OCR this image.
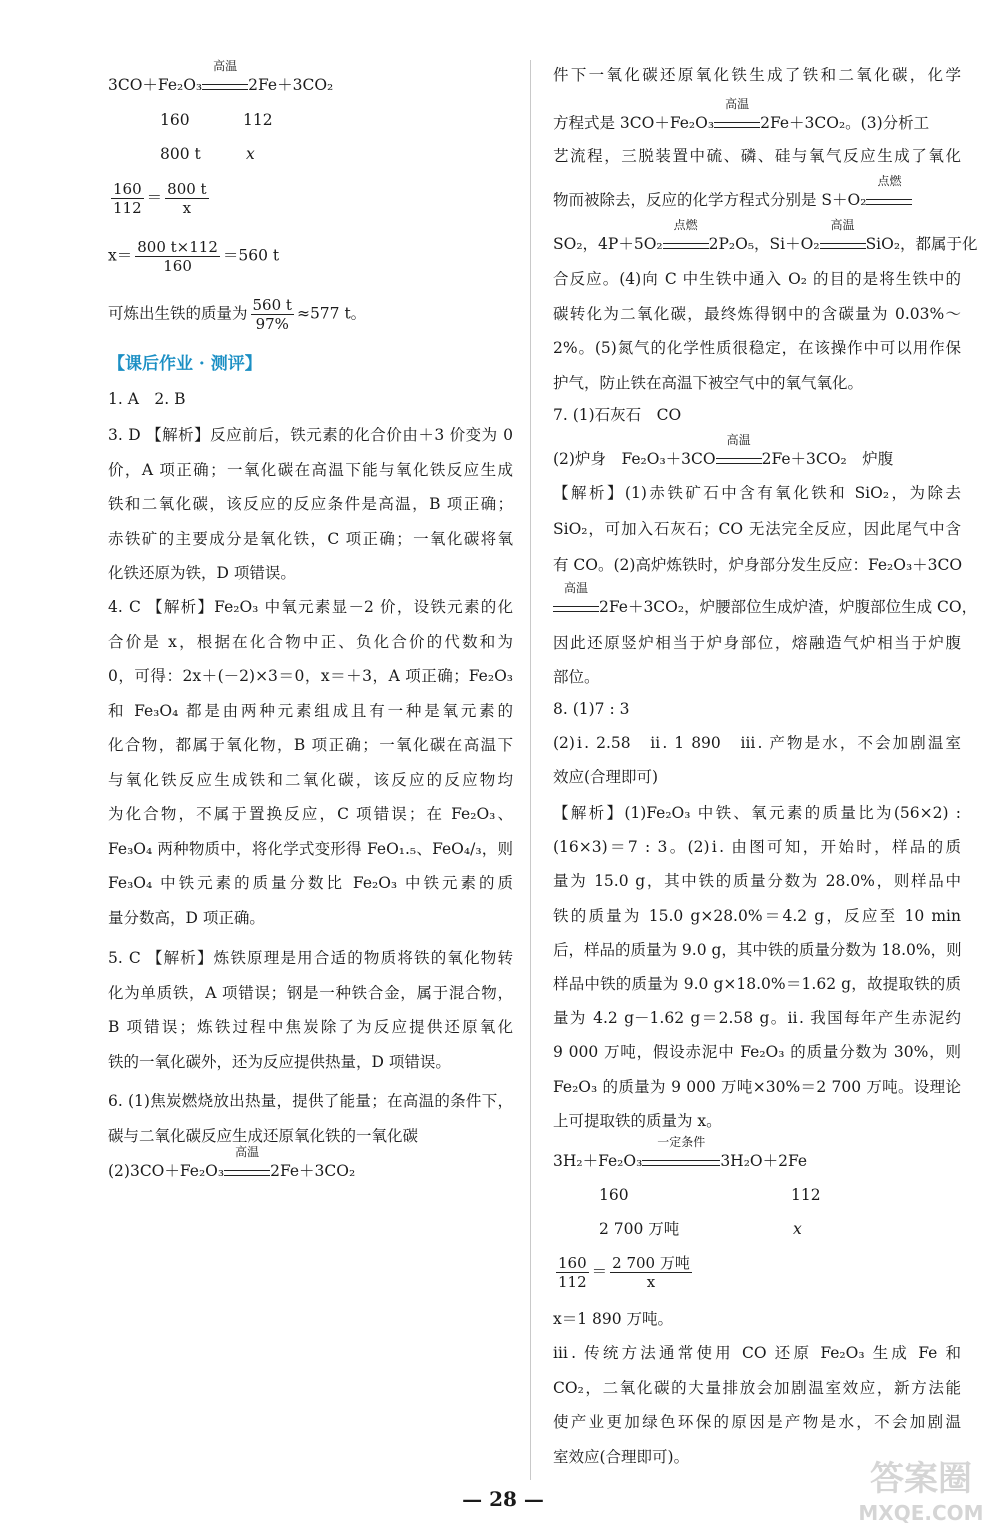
3CO＋Fe₂O₃
高温
2Fe＋3CO₂
160	112
800 t	x
$\frac{160}{112} = \frac{800 t}{x}$
$x= \frac{800 t\times 112}{160} =560$ t
可炼出生铁的质量为 $\frac{560 t}{97\%} \approx 577$ t。
【课后作业 · 测评】
1. A　2. B
3. D 【解析】反应前后，铁元素的化合价由＋3 价变为 0
价，A 项正确；一氧化碳在高温下能与氧化铁反应生成
铁和二氧化碳，该反应的反应条件是高温，B 项正确；
赤铁矿的主要成分是氧化铁，C 项正确；一氧化碳将氧
化铁还原为铁，D 项错误。
4. C 【解析】Fe₂O₃ 中氧元素显－2 价，设铁元素的化
合价是 x，根据在化合物中正、负化合价的代数和为
0，可得：2x＋(－2)×3＝0，x＝＋3，A 项正确；Fe₂O₃
和 Fe₃O₄ 都是由两种元素组成且有一种是氧元素的
化合物，都属于氧化物，B 项正确；一氧化碳在高温下
与氧化铁反应生成铁和二氧化碳，该反应的反应物均
为化合物，不属于置换反应，C 项错误；在 Fe₂O₃、
Fe₃O₄ 两种物质中，将化学式变形得 FeO₁.₅、FeO₄/₃，则
Fe₃O₄ 中铁元素的质量分数比 Fe₂O₃ 中铁元素的质
量分数高，D 项正确。
5. C 【解析】炼铁原理是用合适的物质将铁的氧化物转
化为单质铁，A 项错误；钢是一种铁合金，属于混合物，
B 项错误；炼铁过程中焦炭除了为反应提供还原氧化
铁的一氧化碳外，还为反应提供热量，D 项错误。
6. (1)焦炭燃烧放出热量，提供了能量；在高温的条件下，
碳与二氧化碳反应生成还原氧化铁的一氧化碳
(2)3CO＋Fe₂O₃
高温
2Fe＋3CO₂
件下一氧化碳还原氧化铁生成了铁和二氧化碳，化学
方程式是 3CO＋Fe₂O₃
高温
2Fe＋3CO₂。(3)分析工
艺流程，三脱装置中硫、磷、硅与氧气反应生成了氧化
物而被除去，反应的化学方程式分别是 S＋O₂
点燃
SO₂，4P＋5O₂
点燃
2P₂O₅，Si＋O₂
高温
SiO₂，都属于化
合反应。(4)向 C 中生铁中通入 O₂ 的目的是将生铁中的
碳转化为二氧化碳，最终炼得钢中的含碳量为 0.03%～
2%。(5)氮气的化学性质很稳定，在该操作中可以用作保
护气，防止铁在高温下被空气中的氧气氧化。
7. (1)石灰石　CO
(2)炉身　Fe₂O₃＋3CO
高温
2Fe＋3CO₂　炉腹
【解析】(1)赤铁矿石中含有氧化铁和 SiO₂，为除去
SiO₂，可加入石灰石；CO 无法完全反应，因此尾气中含
有 CO。(2)高炉炼铁时，炉身部分发生反应：Fe₂O₃＋3CO
高温
2Fe＋3CO₂，炉腰部位生成炉渣，炉腹部位生成 CO，
因此还原竖炉相当于炉身部位，熔融造气炉相当于炉腹
部位。
8. (1)7 : 3
(2)ⅰ. 2.58　ⅱ. 1 890　ⅲ. 产物是水，不会加剧温室
效应(合理即可)
【解析】(1)Fe₂O₃ 中铁、氧元素的质量比为(56×2) :
(16×3)＝7 : 3。(2)ⅰ. 由图可知，开始时，样品的质
量为 15.0 g，其中铁的质量分数为 28.0%，则样品中
铁的质量为 15.0 g×28.0%＝4.2 g，反应至 10 min
后，样品的质量为 9.0 g，其中铁的质量分数为 18.0%，则
样品中铁的质量为 9.0 g×18.0%＝1.62 g，故提取铁的质
量为 4.2 g－1.62 g＝2.58 g。ⅱ. 我国每年产生赤泥约
9 000 万吨，假设赤泥中 Fe₂O₃ 的质量分数为 30%，则
Fe₂O₃ 的质量为 9 000 万吨×30%＝2 700 万吨。设理论
上可提取铁的质量为 x。
3H₂＋Fe₂O₃
一定条件
3H₂O＋2Fe
160	112
2 700 万吨	x
$\frac{160}{112} = \frac{\text{2 700 万吨}}{x}$
x＝1 890 万吨。
ⅲ. 传统方法通常使用 CO 还原 Fe₂O₃ 生成 Fe 和
CO₂，二氧化碳的大量排放会加剧温室效应，新方法能
使产业更加绿色环保的原因是产物是水，不会加剧温
室效应(合理即可)。
— 28 —	答案圈
MXQE.COM
